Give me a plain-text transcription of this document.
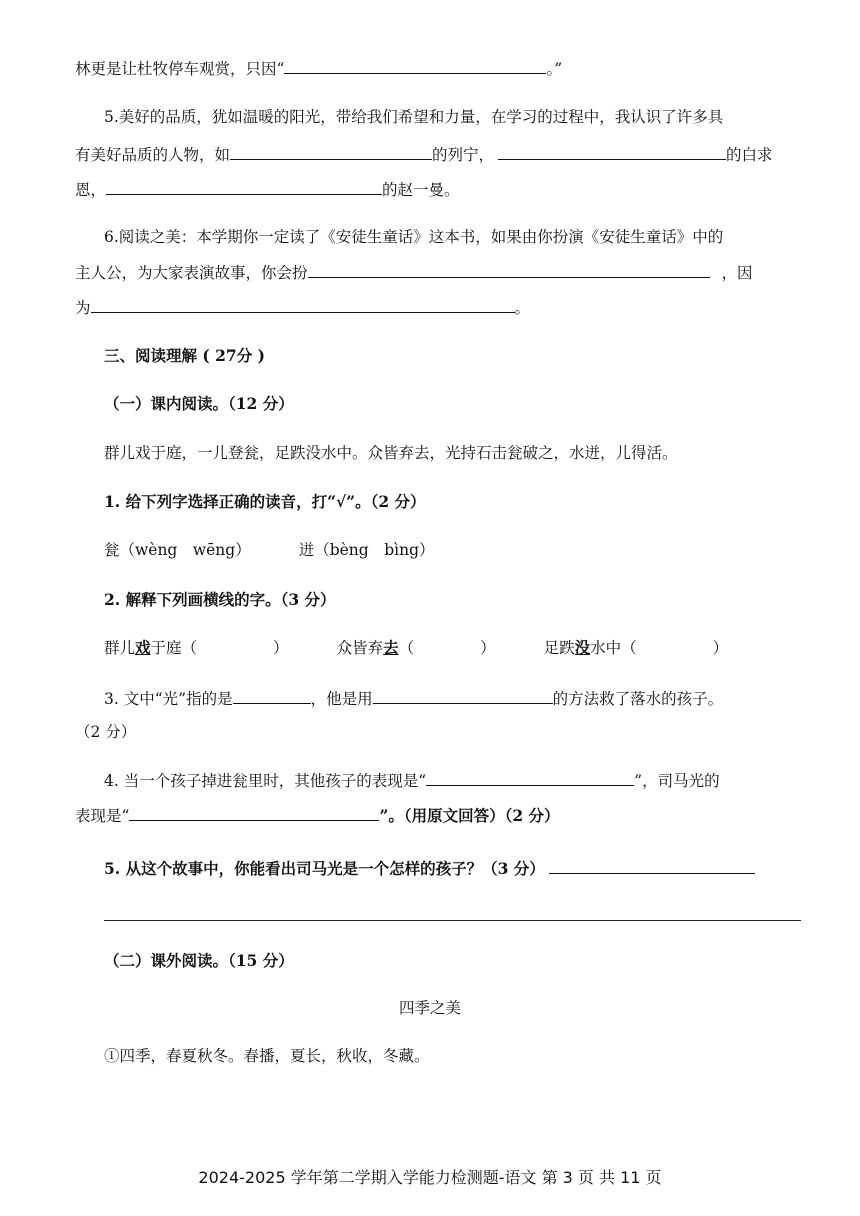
林更是让杜牧停车观赏，只因“	。”
5.美好的品质，犹如温暖的阳光，带给我们希望和力量，在学习的过程中，我认识了许多具
有美好品质的人物，如	的列宁，	的白求
恩，	的赵一曼。
6.阅读之美：本学期你一定读了《安徒生童话》这本书，如果由你扮演《安徒生童话》中的
主人公，为大家表演故事，你会扮	，因
为	。
三、阅读理解 ( 27分 )
（一）课内阅读。（12 分）
群儿戏于庭，一儿登瓮，足跌没水中。众皆弃去，光持石击瓮破之，水迸，儿得活。
1. 给下列字选择正确的读音，打“√”。（2 分）
瓮（wèng　wēng）	迸（bèng　bìng）
2. 解释下列画横线的字。（3 分）
群儿戏于庭（	）	众皆弃去（	）	足跌没水中（	）
3. 文中“光”指的是	，他是用	的方法救了落水的孩子。
（2 分）
4. 当一个孩子掉进瓮里时，其他孩子的表现是“	”，司马光的
表现是“	”。（用原文回答）（2 分）
5. 从这个故事中，你能看出司马光是一个怎样的孩子？（3 分）
（二）课外阅读。（15 分）
四季之美
①四季，春夏秋冬。春播，夏长，秋收，冬藏。
2024-2025 学年第二学期入学能力检测题-语文 第 3 页 共 11 页
